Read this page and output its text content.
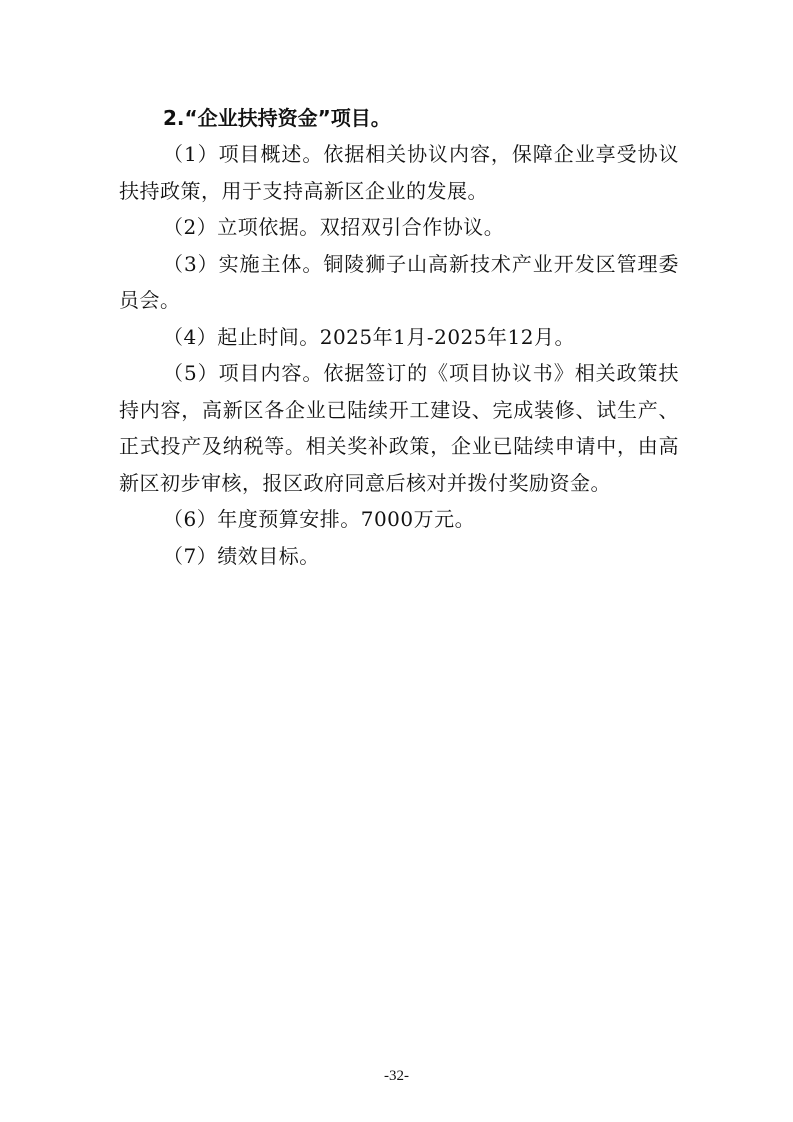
2.“企业扶持资金”项目。

（1）项目概述。依据相关协议内容，保障企业享受协议扶持政策，用于支持高新区企业的发展。

（2）立项依据。双招双引合作协议。

（3）实施主体。铜陵狮子山高新技术产业开发区管理委员会。

（4）起止时间。2025年1月-2025年12月。

（5）项目内容。依据签订的《项目协议书》相关政策扶持内容，高新区各企业已陆续开工建设、完成装修、试生产、正式投产及纳税等。相关奖补政策，企业已陆续申请中，由高新区初步审核，报区政府同意后核对并拨付奖励资金。

（6）年度预算安排。7000万元。

（7）绩效目标。

-32-
